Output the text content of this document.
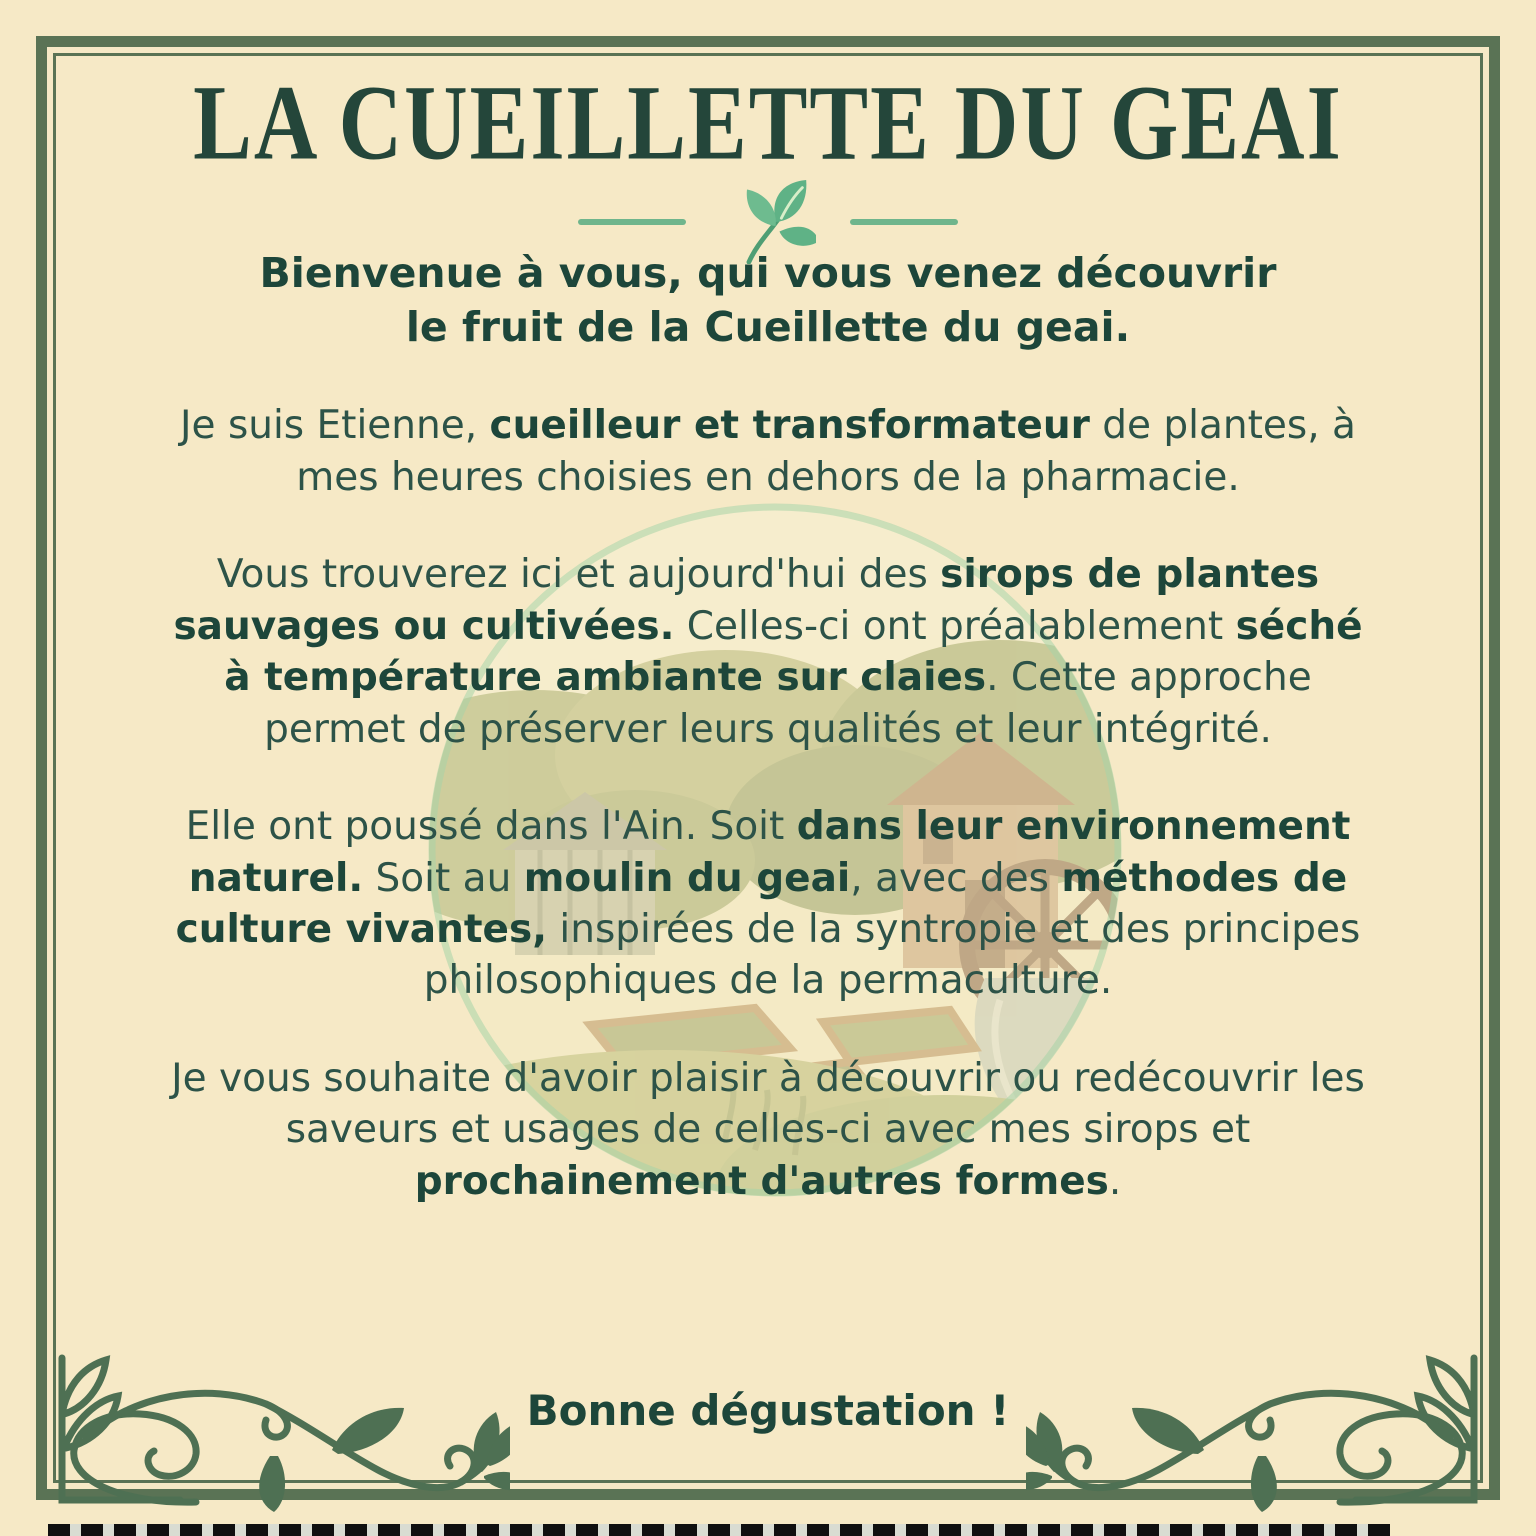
LA CUEILLETTE DU GEAI

Bienvenue à vous, qui vous venez découvrir le fruit de la Cueillette du geai.

Je suis Etienne, cueilleur et transformateur de plantes, à mes heures choisies en dehors de la pharmacie.

Vous trouverez ici et aujourd'hui des sirops de plantes sauvages ou cultivées. Celles-ci ont préalablement séché à température ambiante sur claies. Cette approche permet de préserver leurs qualités et leur intégrité.

Elle ont poussé dans l'Ain. Soit dans leur environnement naturel. Soit au moulin du geai, avec des méthodes de culture vivantes, inspirées de la syntropie et des principes philosophiques de la permaculture.

Je vous souhaite d'avoir plaisir à découvrir ou redécouvrir les saveurs et usages de celles-ci avec mes sirops et prochainement d'autres formes.

Bonne dégustation !
